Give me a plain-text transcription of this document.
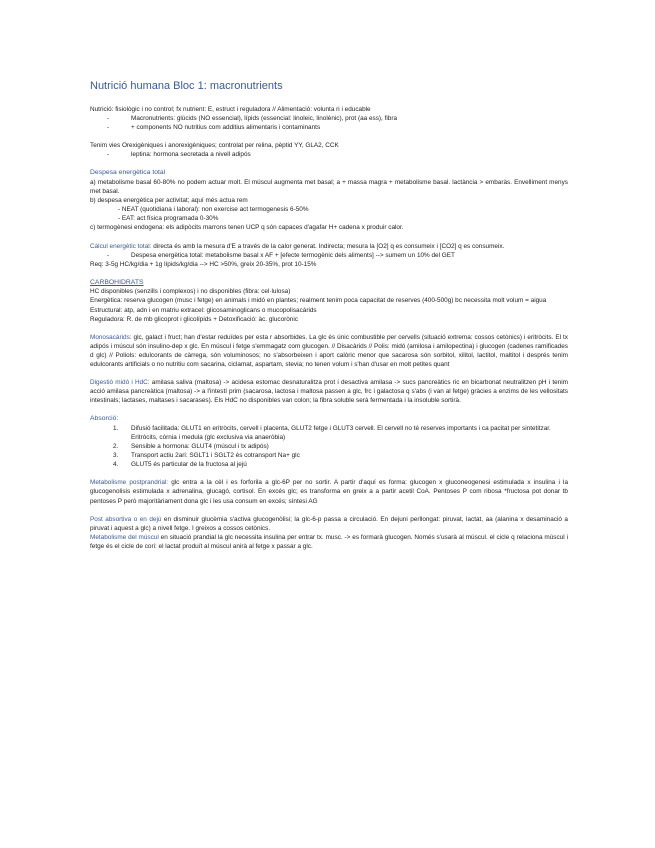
Nutrició humana Bloc 1: macronutrients

Nutrició: fisiològic i no control; fx nutrient: E, estruct i reguladora // Alimentació: volunta ri i educable

-	Macronutrients: glúcids (NO essencial), lípids (essencial: linoleic, linolènic), prot (aa ess), fibra
-	+ components NO nutritius com additius alimentaris i contaminants

Tenim vies Orexigèniques i anorexigèniques; controlat per relina, pèptid YY, GLA2, CCK

-	leptina: hormona secretada a nivell adipós

Despesa energètica total

a) metabolisme basal 60-80% no podem actuar molt. El múscul augmenta met basal; a + massa magra + metabolisme basal. lactància > embaràs. Envelliment menys met basal.

b) despesa energètica per activitat; aquí més actua rem

- NEAT (quotidiana i laboral): non exercise act termogenesis 6-50%

- EAT: act física programada 0-30%

c) termogènesi endogena: els adipòcits marrons tenen UCP q són capaces d'agafar H+ cadena x produir calor.

Càlcul energètic total: directa és amb la mesura d'E a través de la calor generat. Indirecta; mesura la [O2] q es consumeix i [CO2] q es consumeix.

-	Despesa energètica total: metabolisme basal x AF + [efecte termogènic dels aliments] --> sumem un 10% del GET

Req: 3-5g HC/kg/dia + 1g lípids/kg/dia --> HC >50%, greix 20-35%, prot 10-15%

CARBOHIDRATS

HC disponibles (senzills i complexos) i no disponibles (fibra: cel·lulosa)

Energètica: reserva glucogen (musc i fetge) en animals i midó en plantes; realment tenim poca capacitat de reserves (400-500g) bc necessita molt volum = aigua

Estructural: atp, adn i en matriu extracel: glicosaminoglicans o mucopolisacàrids

Reguladora: R. de mb glicoprot i glicolípids + Detoxificació: àc. glucorònic

Monosacàrids: glc, galact i fruct; han d'estar reduïdes per esta r absorbides. La glc és únic combustible per cervells (situació extrema: cossos cetònics) i eritròcits. El tx adipós i múscul són insulino-dep x glc. En múscul i fetge s'emmagatz com glucogen. // Disacàrids // Polis: midó (amilosa i amilopectina) i glucogen (cadenes ramificades d glc) // Poliols: edulcorants de càrrega, són voluminosos; no s'absorbeixen i aport calòric menor que sacarosa són sorbitol, xilitol, lactitol, maltitol i després tenim edulcorants artificials o no nutritiu com sacarina, ciclamat, aspartam, stevia; no tenen volum i s'han d'usar en molt petites quant

Digestió midó i HdC: amilasa saliva (maltosa) -> acidesa estomac desnaturalitza prot i desactiva amilasa -> sucs pancreàtics ric en bicarbonat neutralitzen pH i tenim acció amilasa pancreàtica (maltosa) -> a l'intestí prim (sacarosa, lactosa i maltosa passen a glc, frc i galactosa q s'abs (i van al fetge) gràcies a enzims de les vellositats intestinals; lactases, maltases i sacarases). Els HdC no disponibles van colon; la fibra soluble serà fermentada i la insoluble sortirà.

Absorció:

1. Difusió facilitada: GLUT1 en eritròcits, cervell i placenta, GLUT2 fetge i GLUT3 cervell. El cervell no té reserves importants i ca pacitat per sintetitzar. Eritròcits, còrnia i medula (glc exclusiva via anaeròbia)
2. Sensible a hormona: GLUT4 (múscul i tx adipós)
3. Transport actiu 2ari: SGLT1 i SGLT2 és cotransport Na+ glc
4. GLUT5 és particular de la fructosa al jejú

Metabolisme postprandrial: glc entra a la cèl i es forforila a glc-6P per no sortir. A partir d'aquí es forma: glucogen x gluconeogenesi estimulada x insulina i la glucogenolisis estimulada x adrenalina, glucagó, cortisol. En excés glc; es transforma en greix a a partir acetil CoA. Pentoses P com ribosa *fructosa pot donar tb pentoses P però majoritàriament dona glc i les usa consum en excés; síntesi AG

Post absortiva o en dejú en disminuir glucèmia s'activa glucogenòlisi; la glc-6-p passa a circulació. En dejuni perllongat: piruvat, lactat, aa (alanina x desaminació a piruvat i aquest a glc) a nivell fetge. I greixos a cossos cetònics.

Metabolisme del múscul en situació prandial la glc necessita insulina per entrar tx. musc. -> es formarà glucogen. Només s'usarà al múscul. el cicle q relaciona múscul i fetge és el cicle de cori: el lactat produït al múscul anirà al fetge x passar a glc.
